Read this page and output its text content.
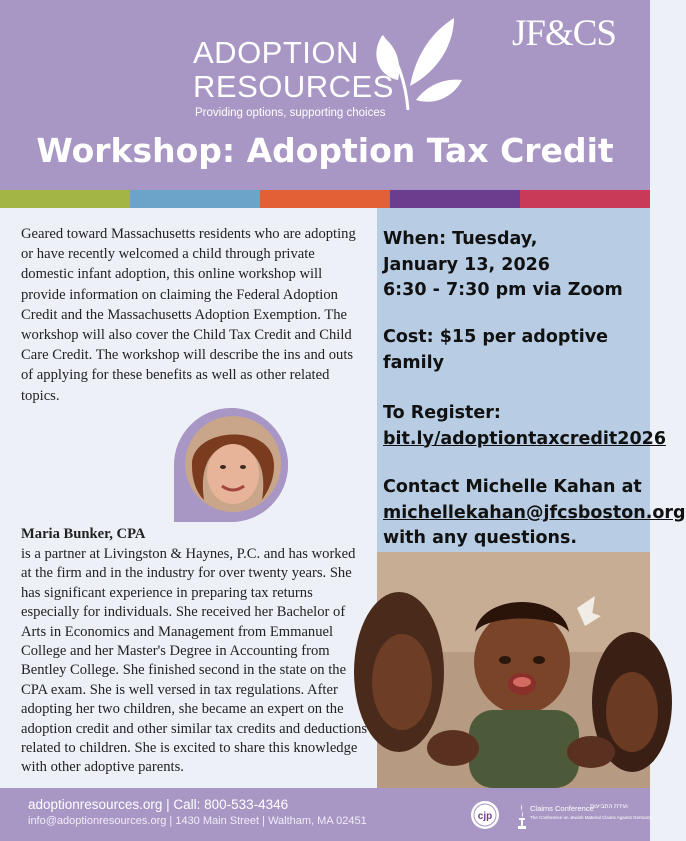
ADOPTION
RESOURCES
Providing options, supporting choices
JF&CS
Workshop: Adoption Tax Credit
Geared toward Massachusetts residents who are adopting or have recently welcomed a child through private domestic infant adoption, this online workshop will provide information on claiming the Federal Adoption Credit and the Massachusetts Adoption Exemption. The workshop will also cover the Child Tax Credit and Child Care Credit. The workshop will describe the ins and outs of applying for these benefits as well as other related topics.
Maria Bunker, CPA
is a partner at Livingston & Haynes, P.C. and has worked at the firm and in the industry for over twenty years. She has significant experience in preparing tax returns especially for individuals. She received her Bachelor of Arts in Economics and Management from Emmanuel College and her Master's Degree in Accounting from Bentley College. She finished second in the state on the CPA exam. She is well versed in tax regulations. After adopting her two children, she became an expert on the adoption credit and other similar tax credits and deductions related to children. She is excited to share this knowledge with other adoptive parents.
When: Tuesday,
January 13, 2026
6:30 - 7:30 pm via Zoom
Cost: $15 per adoptive
family
To Register:
bit.ly/adoptiontaxcredit2026
Contact Michelle Kahan at
michellekahan@jfcsboston.org
with any questions.
adoptionresources.org | Call: 800-533-4346
info@adoptionresources.org | 1430 Main Street | Waltham, MA 02451	cjp
Claims Conference
ועידת התביעות
The Conference on Jewish Material Claims Against Germany
